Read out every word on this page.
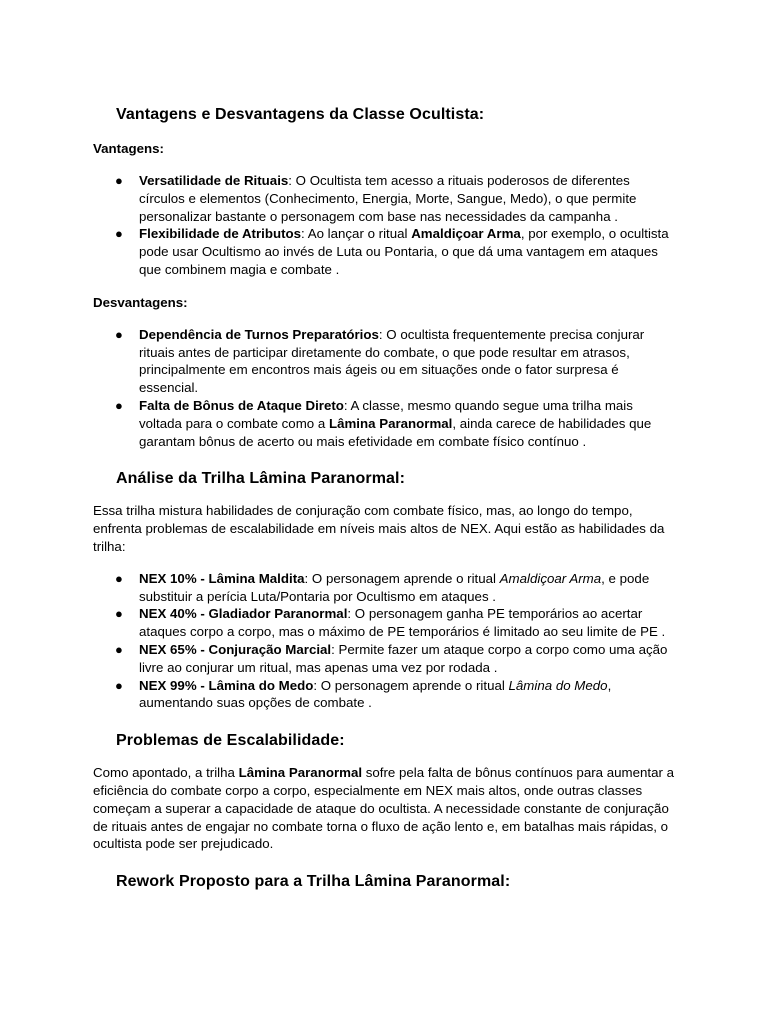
Vantagens e Desvantagens da Classe Ocultista:
Vantagens:
● Versatilidade de Rituais: O Ocultista tem acesso a rituais poderosos de diferentes círculos e elementos (Conhecimento, Energia, Morte, Sangue, Medo), o que permite personalizar bastante o personagem com base nas necessidades da campanha .
● Flexibilidade de Atributos: Ao lançar o ritual Amaldiçoar Arma, por exemplo, o ocultista pode usar Ocultismo ao invés de Luta ou Pontaria, o que dá uma vantagem em ataques que combinem magia e combate .
Desvantagens:
● Dependência de Turnos Preparatórios: O ocultista frequentemente precisa conjurar rituais antes de participar diretamente do combate, o que pode resultar em atrasos, principalmente em encontros mais ágeis ou em situações onde o fator surpresa é essencial.
● Falta de Bônus de Ataque Direto: A classe, mesmo quando segue uma trilha mais voltada para o combate como a Lâmina Paranormal, ainda carece de habilidades que garantam bônus de acerto ou mais efetividade em combate físico contínuo .
Análise da Trilha Lâmina Paranormal:

Essa trilha mistura habilidades de conjuração com combate físico, mas, ao longo do tempo, enfrenta problemas de escalabilidade em níveis mais altos de NEX. Aqui estão as habilidades da trilha:

● NEX 10% - Lâmina Maldita: O personagem aprende o ritual Amaldiçoar Arma, e pode substituir a perícia Luta/Pontaria por Ocultismo em ataques .
● NEX 40% - Gladiador Paranormal: O personagem ganha PE temporários ao acertar ataques corpo a corpo, mas o máximo de PE temporários é limitado ao seu limite de PE .
● NEX 65% - Conjuração Marcial: Permite fazer um ataque corpo a corpo como uma ação livre ao conjurar um ritual, mas apenas uma vez por rodada .
● NEX 99% - Lâmina do Medo: O personagem aprende o ritual Lâmina do Medo, aumentando suas opções de combate .
Problemas de Escalabilidade:

Como apontado, a trilha Lâmina Paranormal sofre pela falta de bônus contínuos para aumentar a eficiência do combate corpo a corpo, especialmente em NEX mais altos, onde outras classes começam a superar a capacidade de ataque do ocultista. A necessidade constante de conjuração de rituais antes de engajar no combate torna o fluxo de ação lento e, em batalhas mais rápidas, o ocultista pode ser prejudicado.

Rework Proposto para a Trilha Lâmina Paranormal:
